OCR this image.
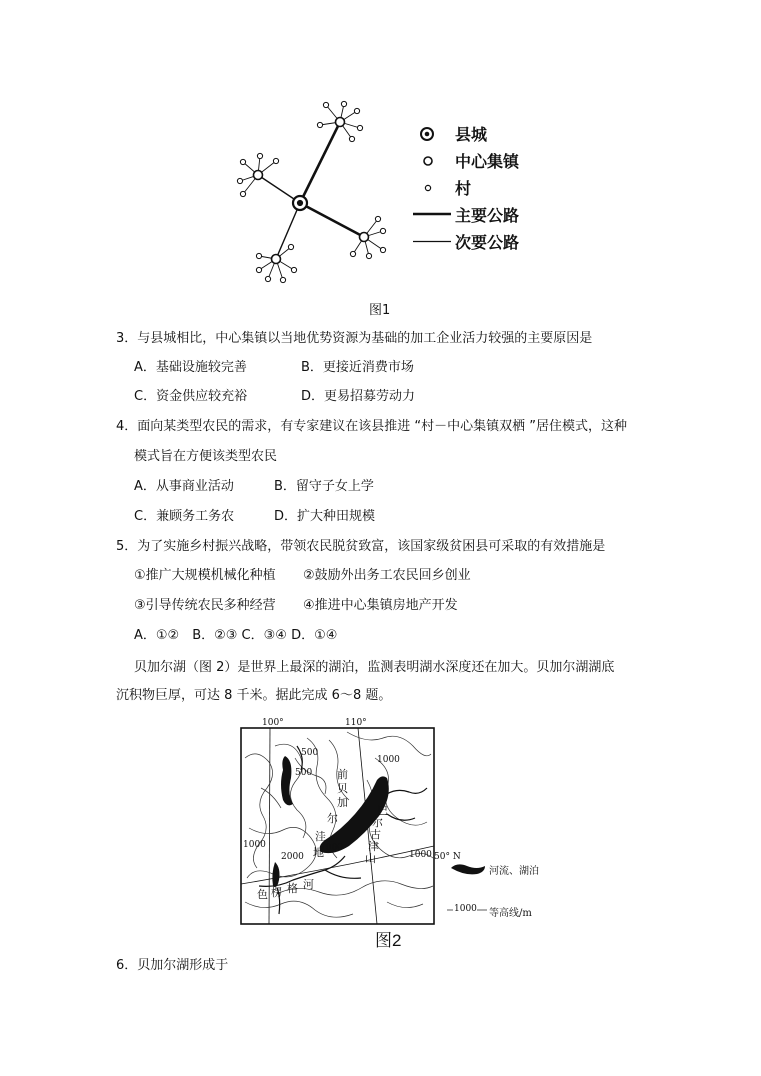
县城
中心集镇
村
主要公路
次要公路
图1
3．与县城相比，中心集镇以当地优势资源为基础的加工企业活力较强的主要原因是
A．基础设施较完善	B．更接近消费市场
C．资金供应较充裕	D．更易招募劳动力
4．面向某类型农民的需求，有专家建议在该县推进 “村－中心集镇双栖 ”居住模式，这种
模式旨在方便该类型农民
A．从事商业活动	B．留守子女上学
C．兼顾务工务农	D．扩大种田规模
5．为了实施乡村振兴战略，带领农民脱贫致富，该国家级贫困县可采取的有效措施是
①推广大规模机械化种植 ②鼓励外出务工农民回乡创业
③引导传统农民多种经营 ④推进中心集镇房地产开发
A．①②　B．②③ C．③④ D．①④
贝加尔湖（图 2）是世界上最深的湖泊，监测表明湖水深度还在加大。贝加尔湖湖底
沉积物巨厚，可达 8 千米。据此完成 6～8 题。
100°	110°
50° N
500
500
1000
1000
1000
2000
1000
前
贝
加
尔
洼
地
巴
尔
古
津
山
色 楞 格 河
河流、湖泊
1000 等高线/m
图2
6．贝加尔湖形成于
